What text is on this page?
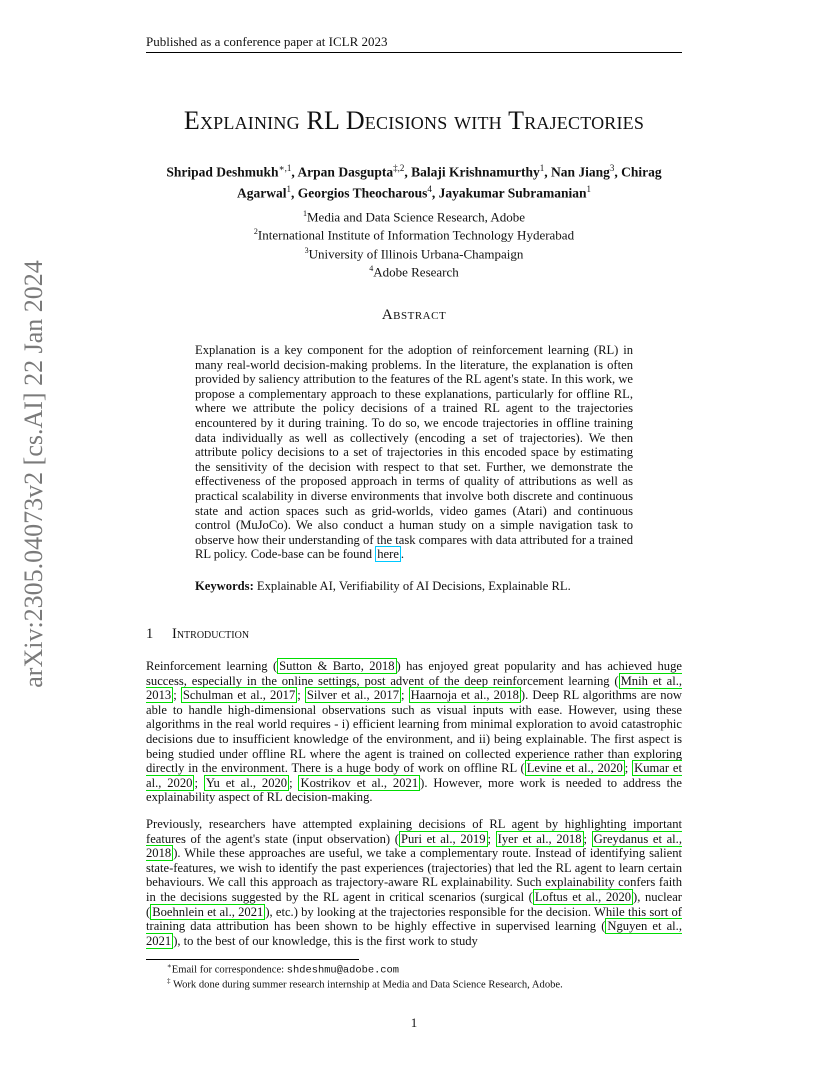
Published as a conference paper at ICLR 2023
arXiv:2305.04073v2 [cs.AI] 22 Jan 2024
Explaining RL Decisions with Trajectories
Shripad Deshmukh$^{∗,1}$, Arpan Dasgupta$^{\ddagger,2}$, Balaji Krishnamurthy$^1$, Nan Jiang$^3$, Chirag Agarwal$^1$, Georgios Theocharous$^4$, Jayakumar Subramanian$^1$
$^1$Media and Data Science Research, Adobe
$^2$International Institute of Information Technology Hyderabad
$^3$University of Illinois Urbana-Champaign
$^4$Adobe Research
Abstract
Explanation is a key component for the adoption of reinforcement learning (RL) in many real-world decision-making problems. In the literature, the explanation is often provided by saliency attribution to the features of the RL agent's state. In this work, we propose a complementary approach to these explanations, particularly for offline RL, where we attribute the policy decisions of a trained RL agent to the trajectories encountered by it during training. To do so, we encode trajectories in offline training data individually as well as collectively (encoding a set of trajectories). We then attribute policy decisions to a set of trajectories in this encoded space by estimating the sensitivity of the decision with respect to that set. Further, we demonstrate the effectiveness of the proposed approach in terms of quality of attributions as well as practical scalability in diverse environments that involve both discrete and continuous state and action spaces such as grid-worlds, video games (Atari) and continuous control (MuJoCo). We also conduct a human study on a simple navigation task to observe how their understanding of the task compares with data attributed for a trained RL policy. Code-base can be found here .
Keywords: Explainable AI, Verifiability of AI Decisions, Explainable RL.
1 Introduction
Reinforcement learning ( Sutton & Barto, 2018 ) has enjoyed great popularity and has achieved huge success, especially in the online settings, post advent of the deep reinforcement learning ( Mnih et al., 2013 ; Schulman et al., 2017 ; Silver et al., 2017 ; Haarnoja et al., 2018 ). Deep RL algorithms are now able to handle high-dimensional observations such as visual inputs with ease. However, using these algorithms in the real world requires - i) efficient learning from minimal exploration to avoid catastrophic decisions due to insufficient knowledge of the environment, and ii) being explainable. The first aspect is being studied under offline RL where the agent is trained on collected experience rather than exploring directly in the environment. There is a huge body of work on offline RL ( Levine et al., 2020 ; Kumar et al., 2020 ; Yu et al., 2020 ; Kostrikov et al., 2021 ). However, more work is needed to address the explainability aspect of RL decision-making.
Previously, researchers have attempted explaining decisions of RL agent by highlighting important features of the agent's state (input observation) ( Puri et al., 2019 ; Iyer et al., 2018 ; Greydanus et al., 2018 ). While these approaches are useful, we take a complementary route. Instead of identifying salient state-features, we wish to identify the past experiences (trajectories) that led the RL agent to learn certain behaviours. We call this approach as trajectory-aware RL explainability. Such explainability confers faith in the decisions suggested by the RL agent in critical scenarios (surgical ( Loftus et al., 2020 ), nuclear ( Boehnlein et al., 2021 ), etc.) by looking at the trajectories responsible for the decision. While this sort of training data attribution has been shown to be highly effective in supervised learning ( Nguyen et al., 2021 ), to the best of our knowledge, this is the first work to study
∗Email for correspondence: shdeshmu@adobe.com
‡ Work done during summer research internship at Media and Data Science Research, Adobe.
1
